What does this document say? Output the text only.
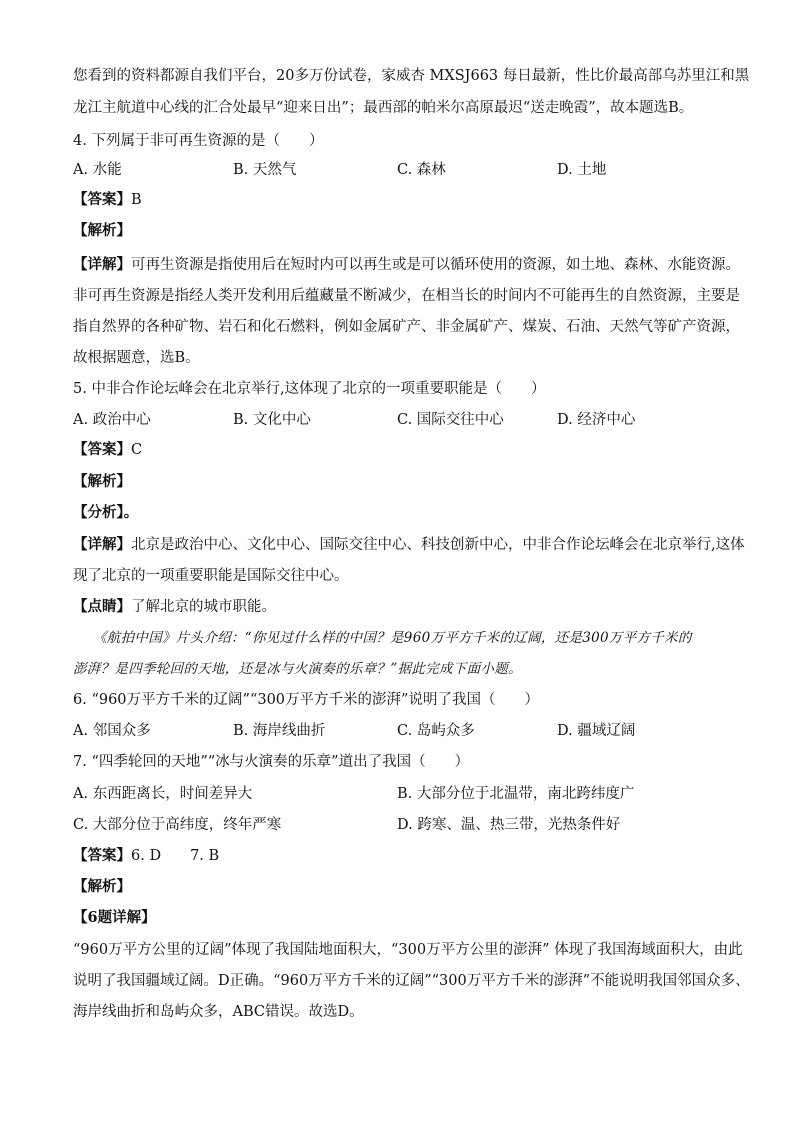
您看到的资料都源自我们平台，20多万份试卷，家威杏 MXSJ663 每日最新，性比价最高部乌苏里江和黑
龙江主航道中心线的汇合处最早“迎来日出”；最西部的帕米尔高原最迟“送走晚霞”，故本题选B。
4. 下列属于非可再生资源的是（　　）
A. 水能	B. 天然气	C. 森林	D. 土地
【答案】B
【解析】
【详解】可再生资源是指使用后在短时内可以再生或是可以循环使用的资源，如土地、森林、水能资源。
非可再生资源是指经人类开发利用后蕴藏量不断减少，在相当长的时间内不可能再生的自然资源，主要是
指自然界的各种矿物、岩石和化石燃料，例如金属矿产、非金属矿产、煤炭、石油、天然气等矿产资源，
故根据题意，选B。
5. 中非合作论坛峰会在北京举行,这体现了北京的一项重要职能是（　　）
A. 政治中心	B. 文化中心	C. 国际交往中心	D. 经济中心
【答案】C
【解析】
【分析】。
【详解】北京是政治中心、文化中心、国际交往中心、科技创新中心，中非合作论坛峰会在北京举行,这体
现了北京的一项重要职能是国际交往中心。
【点睛】了解北京的城市职能。
《航拍中国》片头介绍：“你见过什么样的中国？是960万平方千米的辽阔，还是300万平方千米的
澎湃？是四季轮回的天地，还是冰与火演奏的乐章？”据此完成下面小题。
6. “960万平方千米的辽阔”“300万平方千米的澎湃”说明了我国（　　）
A. 邻国众多	B. 海岸线曲折	C. 岛屿众多	D. 疆域辽阔
7. “四季轮回的天地”“冰与火演奏的乐章”道出了我国（　　）
A. 东西距离长，时间差异大	B. 大部分位于北温带，南北跨纬度广
C. 大部分位于高纬度，终年严寒	D. 跨寒、温、热三带，光热条件好
【答案】6. D　　7. B
【解析】
【6题详解】
“960万平方公里的辽阔”体现了我国陆地面积大，“300万平方公里的澎湃” 体现了我国海域面积大，由此
说明了我国疆域辽阔。D正确。“960万平方千米的辽阔”“300万平方千米的澎湃”不能说明我国邻国众多、
海岸线曲折和岛屿众多，ABC错误。故选D。
